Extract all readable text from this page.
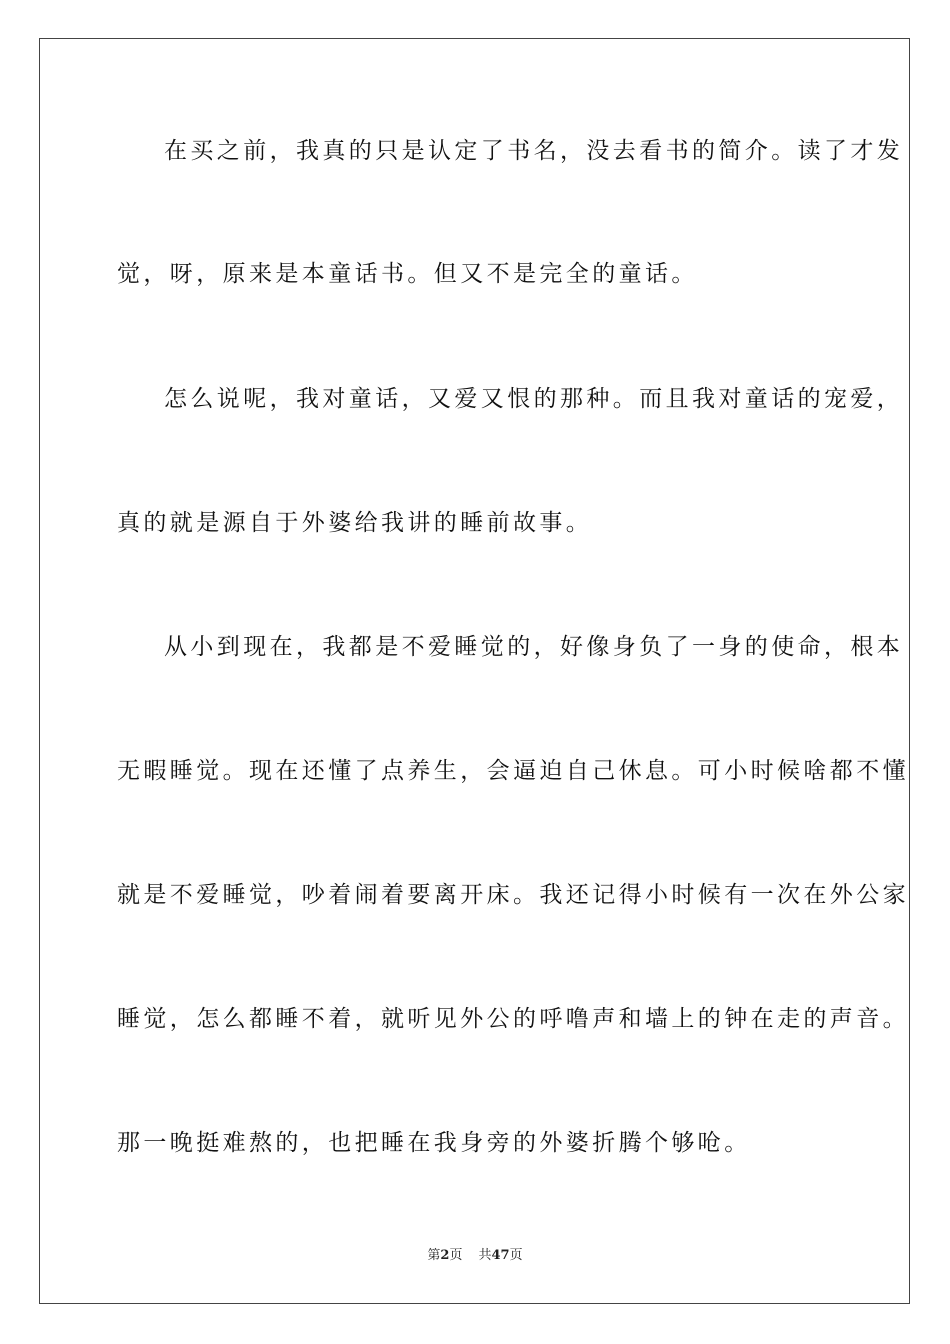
在买之前，我真的只是认定了书名，没去看书的简介。读了才发
觉，呀，原来是本童话书。但又不是完全的童话。
怎么说呢，我对童话，又爱又恨的那种。而且我对童话的宠爱，
真的就是源自于外婆给我讲的睡前故事。
从小到现在，我都是不爱睡觉的，好像身负了一身的使命，根本
无暇睡觉。现在还懂了点养生，会逼迫自己休息。可小时候啥都不懂
就是不爱睡觉，吵着闹着要离开床。我还记得小时候有一次在外公家
睡觉，怎么都睡不着，就听见外公的呼噜声和墙上的钟在走的声音。
那一晚挺难熬的，也把睡在我身旁的外婆折腾个够呛。
第2页 共47页
